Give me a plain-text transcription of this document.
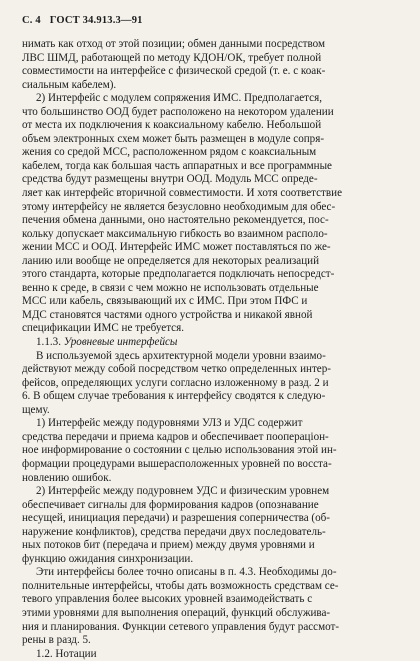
С. 4 ГОСТ 34.913.3—91

нимать как отход от этой позиции; обмен данными посредством

ЛВС ШМД, работающей по методу КДОН/ОК, требует полной

совместимости на интерфейсе с физической средой (т. е. с коак-

сиальным кабелем).

2) Интерфейс с модулем сопряжения ИМС. Предполагается,

что большинство ООД будет расположено на некотором удалении

от места их подключения к коаксиальному кабелю. Небольшой

объем электронных схем может быть размещен в модуле сопря-

жения со средой МСС, расположенном рядом с коаксиальным

кабелем, тогда как большая часть аппаратных и все программные

средства будут размещены внутри ООД. Модуль МСС опреде-

ляет как интерфейс вторичной совместимости. И хотя соответствие

этому интерфейсу не является безусловно необходимым для обес-

печения обмена данными, оно настоятельно рекомендуется, пос-

кольку допускает максимальную гибкость во взаимном располо-

жении МСС и ООД. Интерфейс ИМС может поставляться по же-

ланию или вообще не определяется для некоторых реализаций

этого стандарта, которые предполагается подключать непосредст-

венно к среде, в связи с чем можно не использовать отдельные

МСС или кабель, связывающий их с ИМС. При этом ПФС и

МДС становятся частями одного устройства и никакой явной

спецификации ИМС не требуется.

1.1.3. Уровневые интерфейсы

В используемой здесь архитектурной модели уровни взаимо-

действуют между собой посредством четко определенных интер-

фейсов, определяющих услуги согласно изложенному в разд. 2 и

6. В общем случае требования к интерфейсу сводятся к следую-

щему.

1) Интерфейс между подуровнями УЛЗ и УДС содержит

средства передачи и приема кадров и обеспечивает поопераціон-

ное информирование о состоянии с целью использования этой ин-

формации процедурами вышерасположенных уровней по восста-

новлению ошибок.

2) Интерфейс между подуровнем УДС и физическим уровнем

обеспечивает сигналы для формирования кадров (опознавание

несущей, инициация передачи) и разрешения соперничества (об-

наружение конфликтов), средства передачи двух последователь-

ных потоков бит (передача и прием) между двумя уровнями и

функцию ожидания синхронизации.

Эти интерфейсы более точно описаны в п. 4.3. Необходимы до-

полнительные интерфейсы, чтобы дать возможность средствам се-

тевого управления более высоких уровней взаимодействать с

этими уровнями для выполнения операций, функций обслужива-

ния и планирования. Функции сетевого управления будут рассмот-

рены в разд. 5.

1.2. Нотации
